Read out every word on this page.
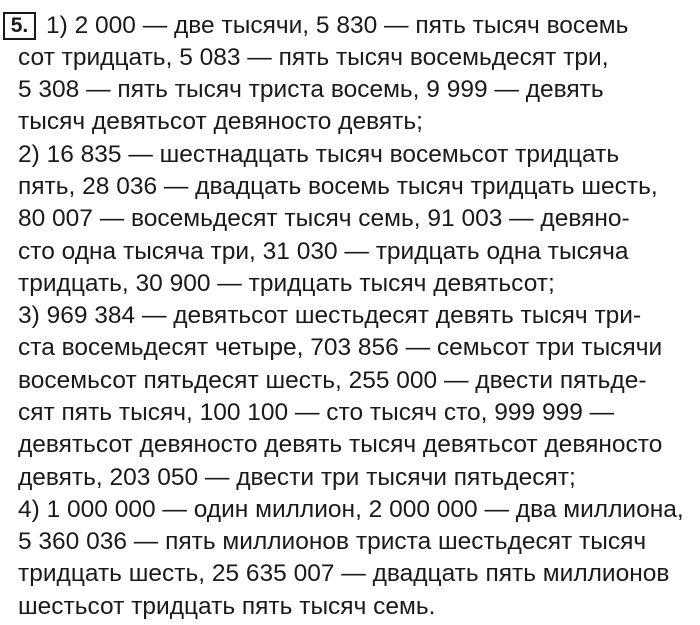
5. 1) 2 000 — две тысячи, 5 830 — пять тысяч восемь
сот тридцать, 5 083 — пять тысяч восемьдесят три,
5 308 — пять тысяч триста восемь, 9 999 — девять
тысяч девятьсот девяносто девять;
2) 16 835 — шестнадцать тысяч восемьсот тридцать
пять, 28 036 — двадцать восемь тысяч тридцать шесть,
80 007 — восемьдесят тысяч семь, 91 003 — девяно-
сто одна тысяча три, 31 030 — тридцать одна тысяча
тридцать, 30 900 — тридцать тысяч девятьсот;
3) 969 384 — девятьсот шестьдесят девять тысяч три-
ста восемьдесят четыре, 703 856 — семьсот три тысячи
восемьсот пятьдесят шесть, 255 000 — двести пятьде-
сят пять тысяч, 100 100 — сто тысяч сто, 999 999 —
девятьсот девяносто девять тысяч девятьсот девяносто
девять, 203 050 — двести три тысячи пятьдесят;
4) 1 000 000 — один миллион, 2 000 000 — два миллиона,
5 360 036 — пять миллионов триста шестьдесят тысяч
тридцать шесть, 25 635 007 — двадцать пять миллионов
шестьсот тридцать пять тысяч семь.
